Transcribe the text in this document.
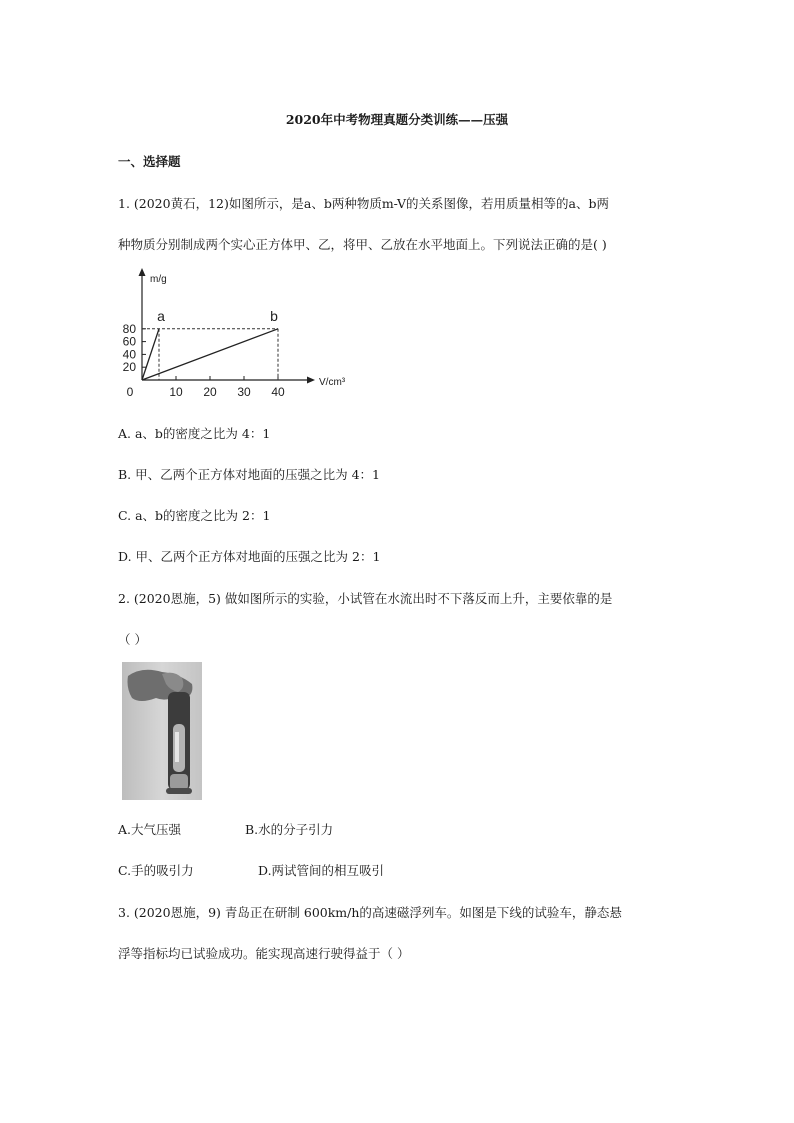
2020年中考物理真题分类训练——压强
一、选择题
1. (2020黄石，12)如图所示，是a、b两种物质m-V的关系图像，若用质量相等的a、b两
种物质分别制成两个实心正方体甲、乙，将甲、乙放在水平地面上。下列说法正确的是( )
m/g
V/cm³
0	10 20 30 40
20
40
60
80
a	b
A. a、b的密度之比为 4：1
B. 甲、乙两个正方体对地面的压强之比为 4：1
C. a、b的密度之比为 2：1
D. 甲、乙两个正方体对地面的压强之比为 2：1
2. (2020恩施，5) 做如图所示的实验，小试管在水流出时不下落反而上升，主要依靠的是
（ ）
A.大气压强	B.水的分子引力
C.手的吸引力	D.两试管间的相互吸引
3. (2020恩施，9) 青岛正在研制 600km/h的高速磁浮列车。如图是下线的试验车，静态悬
浮等指标均已试验成功。能实现高速行驶得益于（ ）
